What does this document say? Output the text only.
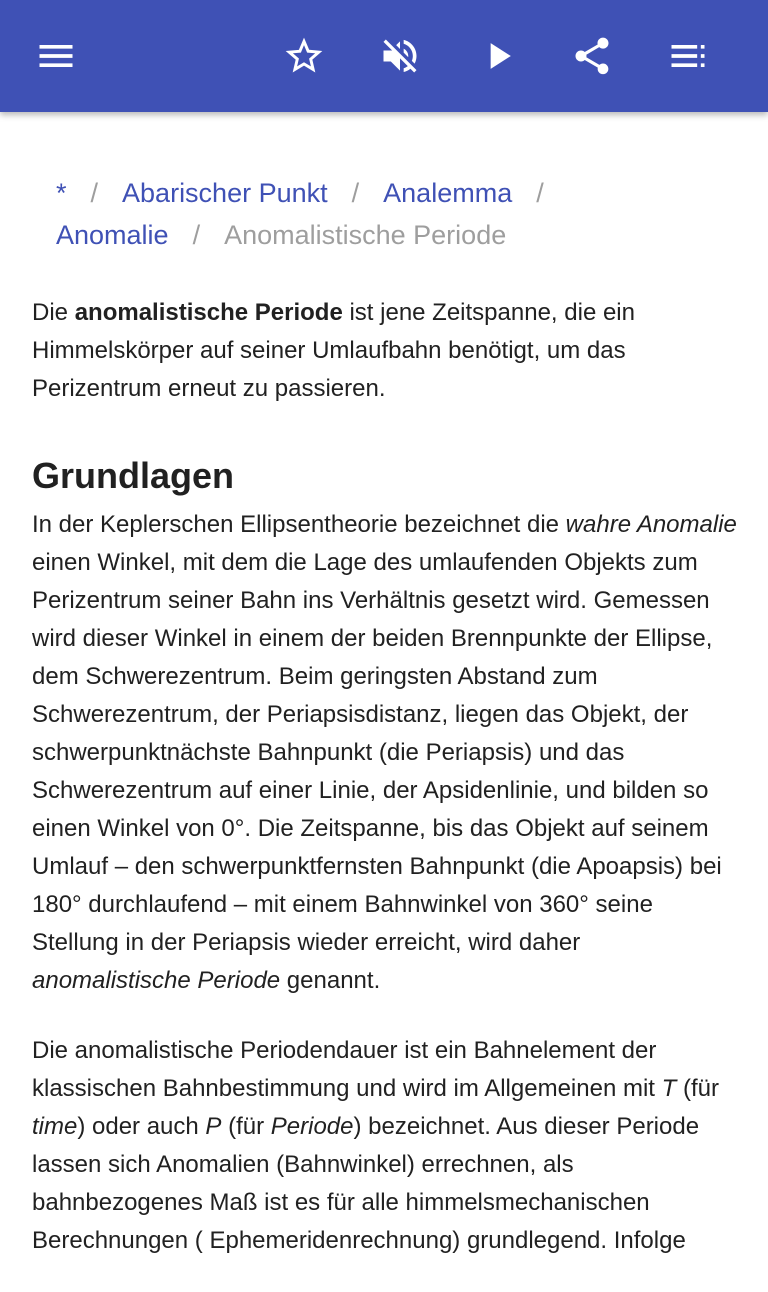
* / Abarischer Punkt / Analemma /
Anomalie / Anomalistische Periode

Die anomalistische Periode ist jene Zeitspanne, die ein Himmelskörper auf seiner Umlaufbahn benötigt, um das Perizentrum erneut zu passieren.

Grundlagen

In der Keplerschen Ellipsentheorie bezeichnet die wahre Anomalie einen Winkel, mit dem die Lage des umlaufenden Objekts zum Perizentrum seiner Bahn ins Verhältnis gesetzt wird. Gemessen wird dieser Winkel in einem der beiden Brennpunkte der Ellipse, dem Schwerezentrum. Beim geringsten Abstand zum Schwerezentrum, der Periapsisdistanz, liegen das Objekt, der schwerpunktnächste Bahnpunkt (die Periapsis) und das Schwerezentrum auf einer Linie, der Apsidenlinie, und bilden so einen Winkel von 0°. Die Zeitspanne, bis das Objekt auf seinem Umlauf – den schwerpunktfernsten Bahnpunkt (die Apoapsis) bei 180° durchlaufend – mit einem Bahnwinkel von 360° seine Stellung in der Periapsis wieder erreicht, wird daher anomalistische Periode genannt.

Die anomalistische Periodendauer ist ein Bahnelement der klassischen Bahnbestimmung und wird im Allgemeinen mit T (für time) oder auch P (für Periode) bezeichnet. Aus dieser Periode lassen sich Anomalien (Bahnwinkel) errechnen, als bahnbezogenes Maß ist es für alle himmelsmechanischen Berechnungen ( Ephemeridenrechnung) grundlegend. Infolge
